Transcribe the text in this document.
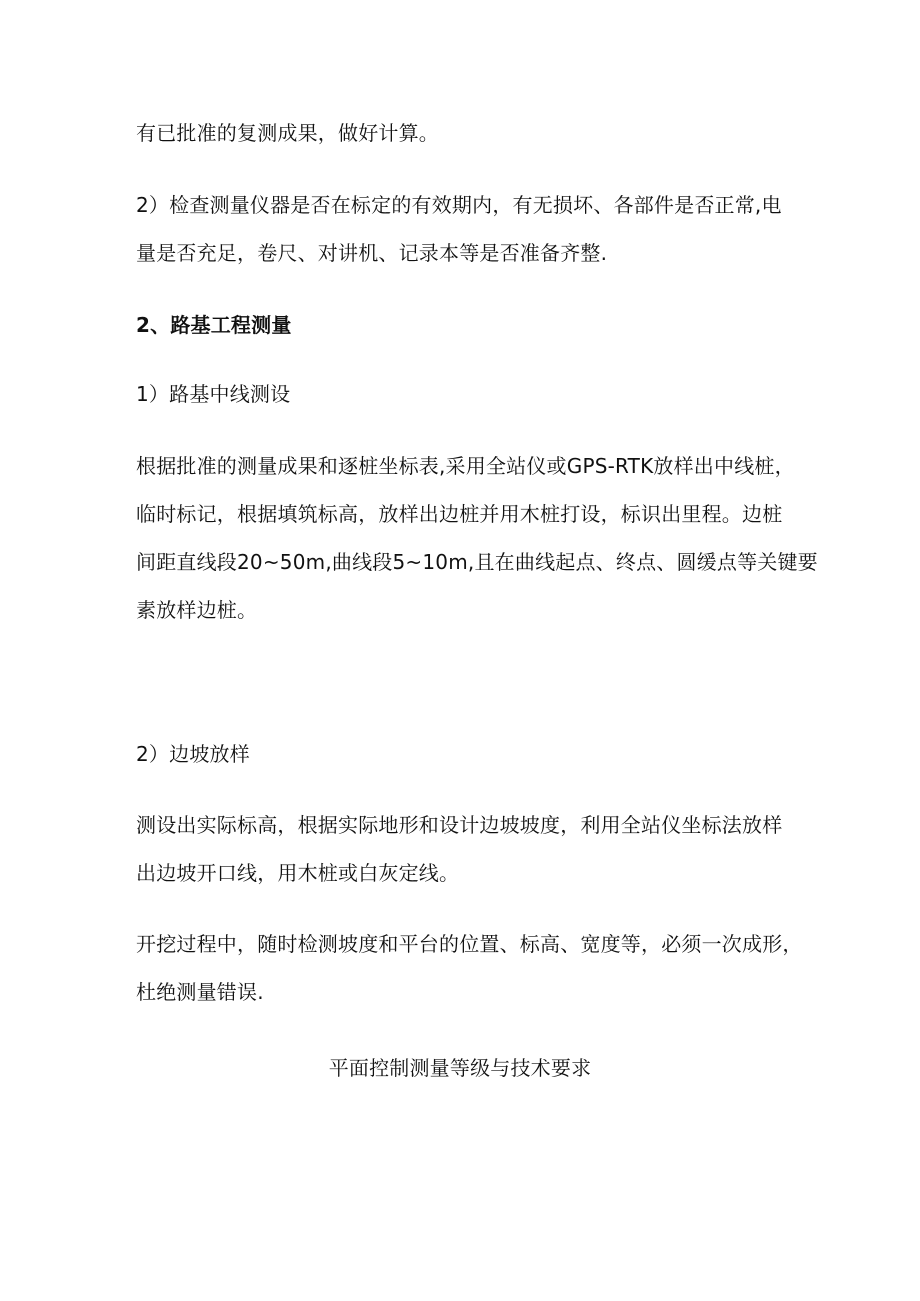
有已批准的复测成果，做好计算。
2）检查测量仪器是否在标定的有效期内，有无损坏、各部件是否正常,电
量是否充足，卷尺、对讲机、记录本等是否准备齐整.
2、路基工程测量
1）路基中线测设
根据批准的测量成果和逐桩坐标表,采用全站仪或GPS-RTK放样出中线桩，
临时标记，根据填筑标高，放样出边桩并用木桩打设，标识出里程。边桩
间距直线段20~50m,曲线段5~10m,且在曲线起点、终点、圆缓点等关键要
素放样边桩。
2）边坡放样
测设出实际标高，根据实际地形和设计边坡坡度，利用全站仪坐标法放样
出边坡开口线，用木桩或白灰定线。
开挖过程中，随时检测坡度和平台的位置、标高、宽度等，必须一次成形，
杜绝测量错误.
平面控制测量等级与技术要求
